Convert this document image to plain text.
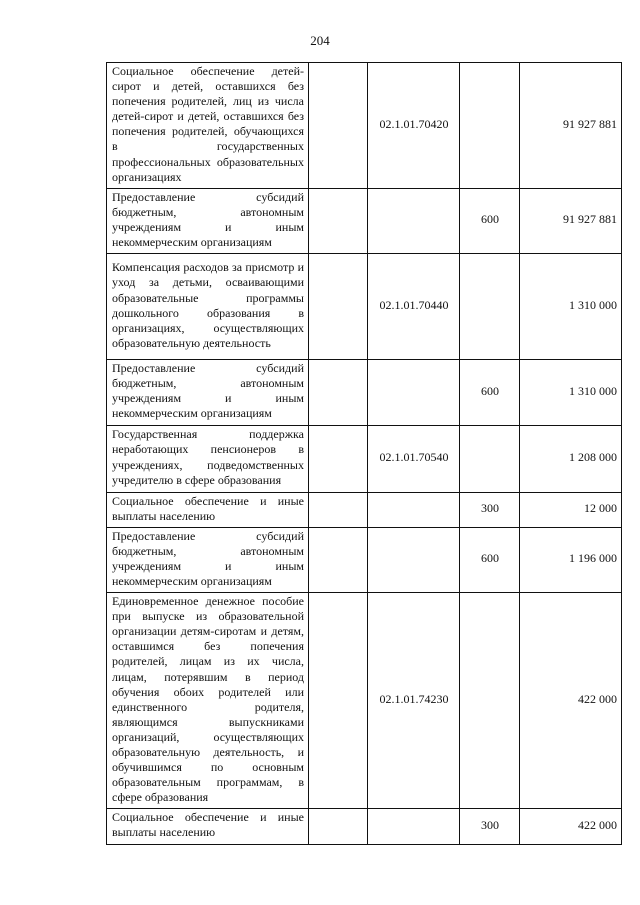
204
Социальное обеспечение детей-сирот и детей, оставшихся без попечения родителей, лиц из числа детей-сирот и детей, оставшихся без попечения родителей, обучающихся в государственных профессиональных образовательных организациях		02.1.01.70420		91 927 881
Предоставление субсидий бюджетным, автономным учреждениям и иным некоммерческим организациям			600	91 927 881
Компенсация расходов за присмотр и уход за детьми, осваивающими образовательные программы дошкольного образования в организациях, осуществляющих образовательную деятельность		02.1.01.70440		1 310 000
Предоставление субсидий бюджетным, автономным учреждениям и иным некоммерческим организациям			600	1 310 000
Государственная поддержка неработающих пенсионеров в учреждениях, подведомственных учредителю в сфере образования		02.1.01.70540		1 208 000
Социальное обеспечение и иные выплаты населению			300	12 000
Предоставление субсидий бюджетным, автономным учреждениям и иным некоммерческим организациям			600	1 196 000
Единовременное денежное пособие при выпуске из образовательной организации детям-сиротам и детям, оставшимся без попечения родителей, лицам из их числа, лицам, потерявшим в период обучения обоих родителей или единственного родителя, являющимся выпускниками организаций, осуществляющих образовательную деятельность, и обучившимся по основным образовательным программам, в сфере образования		02.1.01.74230		422 000
Социальное обеспечение и иные выплаты населению			300	422 000
